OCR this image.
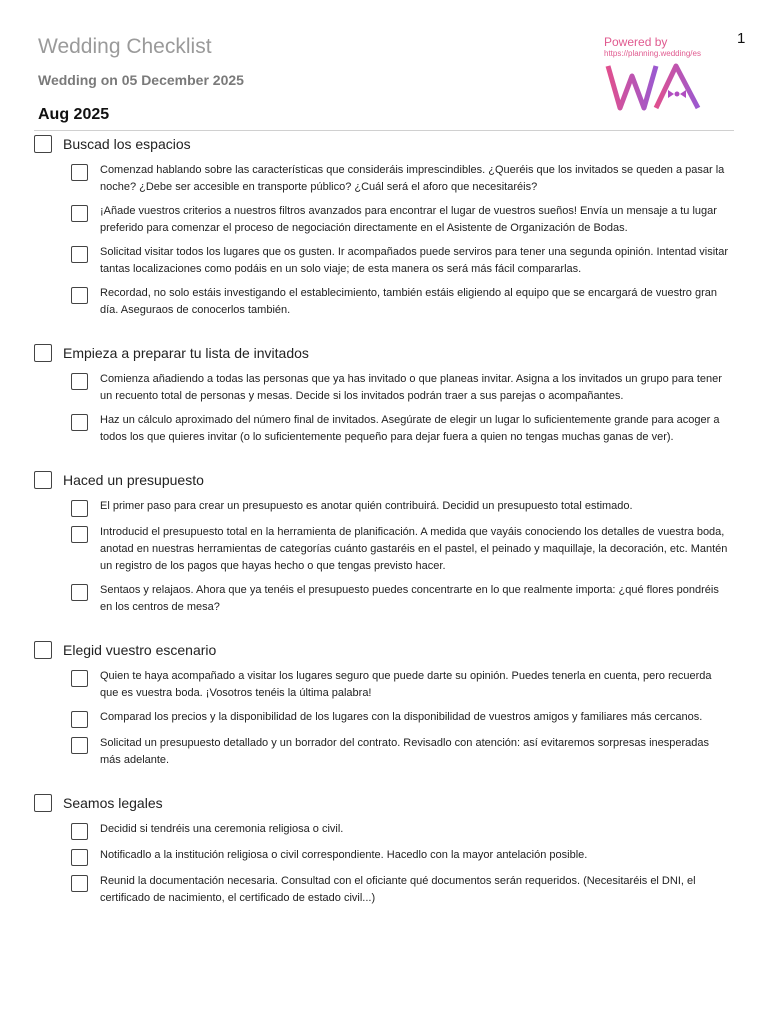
1
Wedding Checklist
Wedding on 05 December 2025
Powered by
https://planning.wedding/es
Aug 2025
Buscad los espacios
Comenzad hablando sobre las características que consideráis imprescindibles. ¿Queréis que los invitados se queden a pasar la noche? ¿Debe ser accesible en transporte público? ¿Cuál será el aforo que necesitaréis?
¡Añade vuestros criterios a nuestros filtros avanzados para encontrar el lugar de vuestros sueños! Envía un mensaje a tu lugar preferido para comenzar el proceso de negociación directamente en el Asistente de Organización de Bodas.
Solicitad visitar todos los lugares que os gusten. Ir acompañados puede serviros para tener una segunda opinión. Intentad visitar tantas localizaciones como podáis en un solo viaje; de esta manera os será más fácil compararlas.
Recordad, no solo estáis investigando el establecimiento, también estáis eligiendo al equipo que se encargará de vuestro gran día. Aseguraos de conocerlos también.
Empieza a preparar tu lista de invitados
Comienza añadiendo a todas las personas que ya has invitado o que planeas invitar. Asigna a los invitados un grupo para tener un recuento total de personas y mesas. Decide si los invitados podrán traer a sus parejas o acompañantes.
Haz un cálculo aproximado del número final de invitados. Asegúrate de elegir un lugar lo suficientemente grande para acoger a todos los que quieres invitar (o lo suficientemente pequeño para dejar fuera a quien no tengas muchas ganas de ver).
Haced un presupuesto
El primer paso para crear un presupuesto es anotar quién contribuirá. Decidid un presupuesto total estimado.
Introducid el presupuesto total en la herramienta de planificación. A medida que vayáis conociendo los detalles de vuestra boda, anotad en nuestras herramientas de categorías cuánto gastaréis en el pastel, el peinado y maquillaje, la decoración, etc. Mantén un registro de los pagos que hayas hecho o que tengas previsto hacer.
Sentaos y relajaos. Ahora que ya tenéis el presupuesto puedes concentrarte en lo que realmente importa: ¿qué flores pondréis en los centros de mesa?
Elegid vuestro escenario
Quien te haya acompañado a visitar los lugares seguro que puede darte su opinión. Puedes tenerla en cuenta, pero recuerda que es vuestra boda. ¡Vosotros tenéis la última palabra!
Comparad los precios y la disponibilidad de los lugares con la disponibilidad de vuestros amigos y familiares más cercanos.
Solicitad un presupuesto detallado y un borrador del contrato. Revisadlo con atención: así evitaremos sorpresas inesperadas más adelante.
Seamos legales
Decidid si tendréis una ceremonia religiosa o civil.
Notificadlo a la institución religiosa o civil correspondiente. Hacedlo con la mayor antelación posible.
Reunid la documentación necesaria. Consultad con el oficiante qué documentos serán requeridos. (Necesitaréis el DNI, el certificado de nacimiento, el certificado de estado civil...)
